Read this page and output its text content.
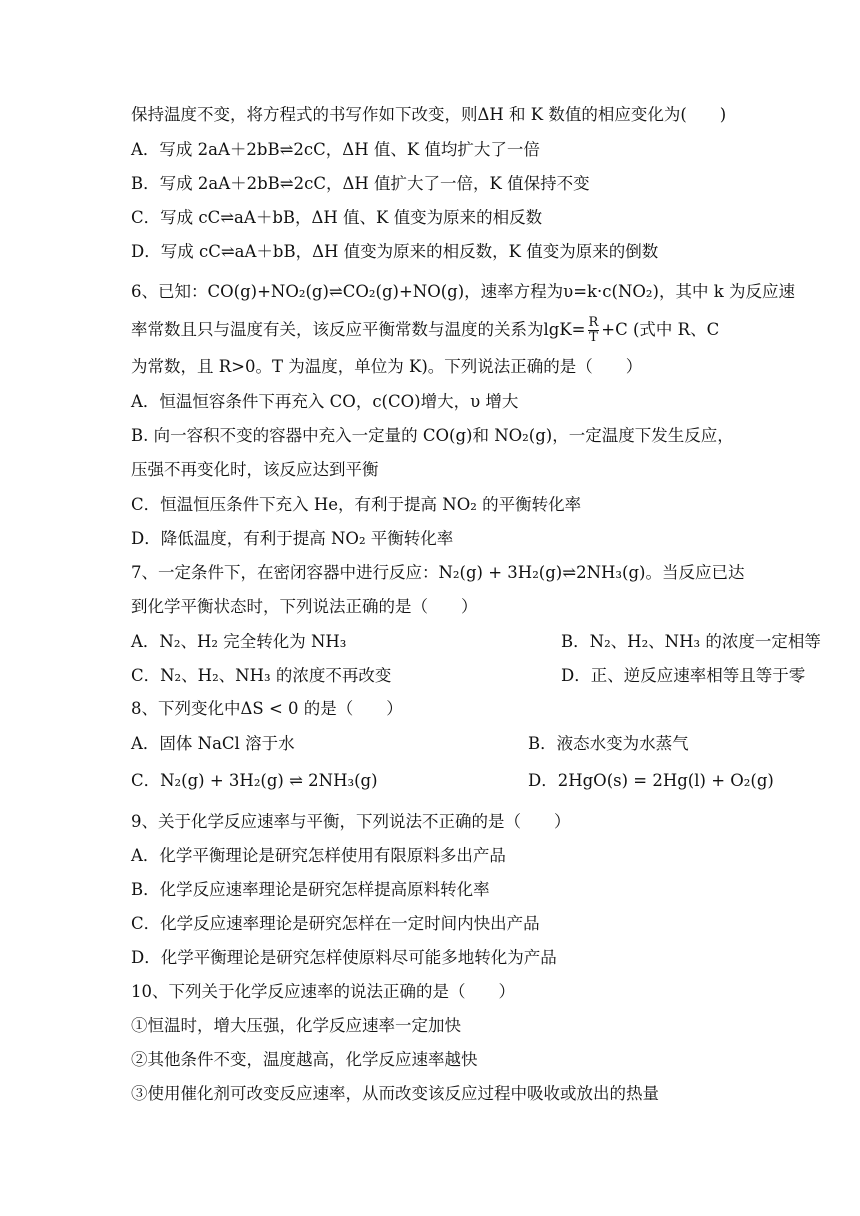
保持温度不变，将方程式的书写作如下改变，则ΔH 和 K 数值的相应变化为(　　)
A．写成 2aA＋2bB⇌2cC，ΔH 值、K 值均扩大了一倍
B．写成 2aA＋2bB⇌2cC，ΔH 值扩大了一倍，K 值保持不变
C．写成 cC⇌aA＋bB，ΔH 值、K 值变为原来的相反数
D．写成 cC⇌aA＋bB，ΔH 值变为原来的相反数，K 值变为原来的倒数
6、已知：CO(g)+NO₂(g)⇌CO₂(g)+NO(g)，速率方程为υ=k·c(NO₂)，其中 k 为反应速
率常数且只与温度有关，该反应平衡常数与温度的关系为$\lg K= \frac{R}{T} +C$ (式中 R、C
为常数，且 R>0。T 为温度，单位为 K)。下列说法正确的是（　　）
A．恒温恒容条件下再充入 CO，c(CO)增大，υ 增大
B. 向一容积不变的容器中充入一定量的 CO(g)和 NO₂(g)，一定温度下发生反应，
压强不再变化时，该反应达到平衡
C．恒温恒压条件下充入 He，有利于提高 NO₂ 的平衡转化率
D．降低温度，有利于提高 NO₂ 平衡转化率
7、一定条件下，在密闭容器中进行反应：N₂(g) + 3H₂(g)⇌2NH₃(g)。当反应已达
到化学平衡状态时，下列说法正确的是（　　）
A．N₂、H₂ 完全转化为 NH₃	B．N₂、H₂、NH₃ 的浓度一定相等
C．N₂、H₂、NH₃ 的浓度不再改变	D．正、逆反应速率相等且等于零
8、下列变化中ΔS < 0 的是（　　）
A．固体 NaCl 溶于水	B．液态水变为水蒸气
C．N₂(g) + 3H₂(g) ⇌ 2NH₃(g)	D．2HgO(s) = 2Hg(l) + O₂(g)
9、关于化学反应速率与平衡，下列说法不正确的是（　　）
A．化学平衡理论是研究怎样使用有限原料多出产品
B．化学反应速率理论是研究怎样提高原料转化率
C．化学反应速率理论是研究怎样在一定时间内快出产品
D．化学平衡理论是研究怎样使原料尽可能多地转化为产品
10、下列关于化学反应速率的说法正确的是（　　）
①恒温时，增大压强，化学反应速率一定加快
②其他条件不变，温度越高，化学反应速率越快
③使用催化剂可改变反应速率，从而改变该反应过程中吸收或放出的热量
